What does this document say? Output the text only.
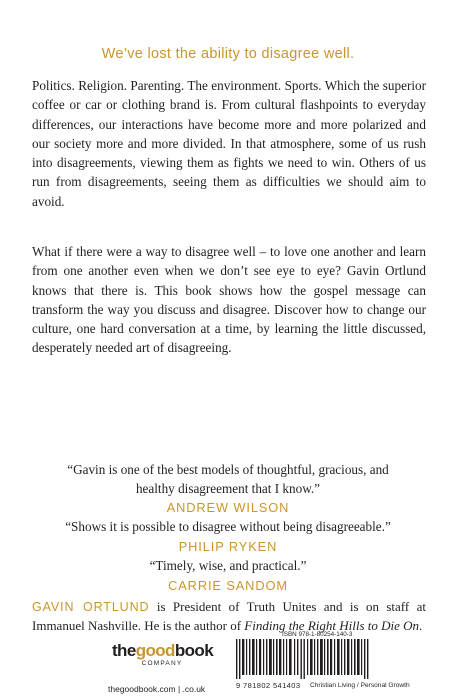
We’ve lost the ability to disagree well.

Politics. Religion. Parenting. The environment. Sports. Which the superior coffee or car or clothing brand is. From cultural flashpoints to everyday differences, our interactions have become more and more polarized and our society more and more divided. In that atmosphere, some of us rush into disagreements, viewing them as fights we need to win. Others of us run from disagreements, seeing them as difficulties we should aim to avoid.

What if there were a way to disagree well – to love one another and learn from one another even when we don’t see eye to eye? Gavin Ortlund knows that there is. This book shows how the gospel message can transform the way you discuss and disagree. Discover how to change our culture, one hard conversation at a time, by learning the little discussed, desperately needed art of disagreeing.

“Gavin is one of the best models of thoughtful, gracious, and
healthy disagreement that I know.”
ANDREW WILSON
“Shows it is possible to disagree without being disagreeable.”
PHILIP RYKEN
“Timely, wise, and practical.”
CARRIE SANDOM

GAVIN ORTLUND is President of Truth Unites and is on staff at Immanuel Nashville. He is the author of Finding the Right Hills to Die On.

the good book
COMPANY
thegoodbook.com | .co.uk
ISBN 978-1-80254-140-3
9 781802 541403 Christian Living / Personal Growth
